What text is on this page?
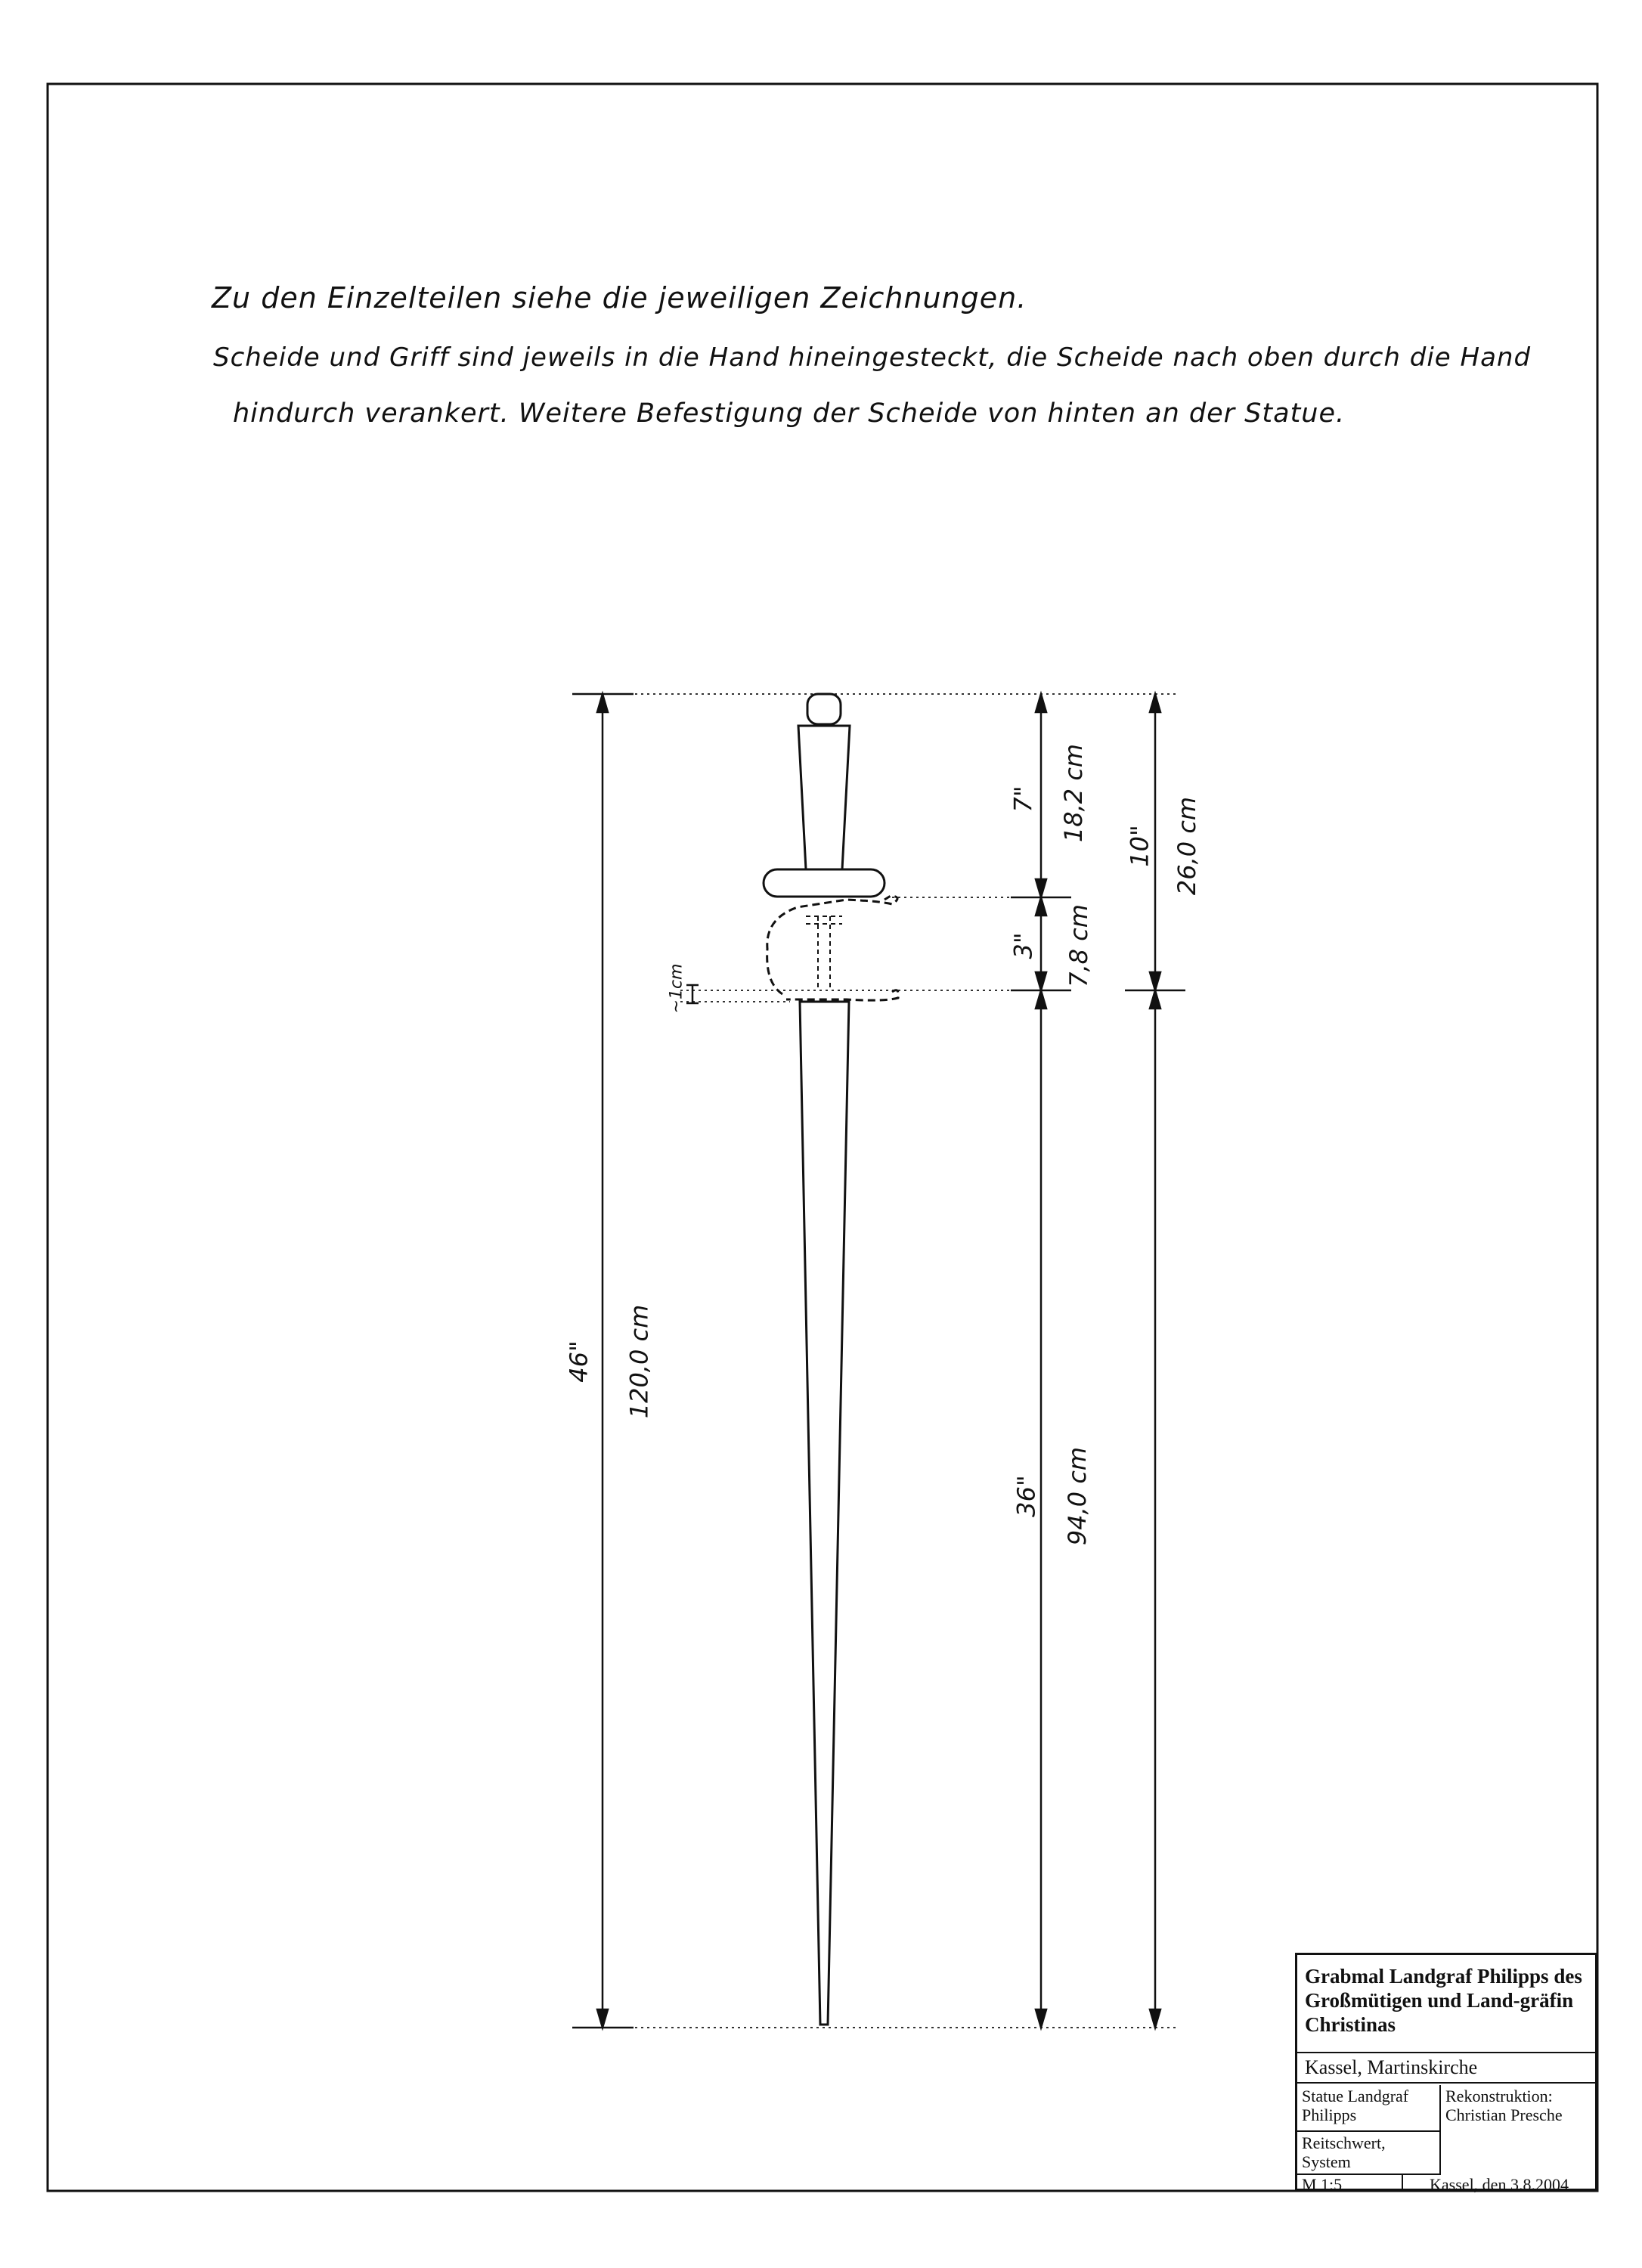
Zu den Einzelteilen siehe die jeweiligen Zeichnungen.
Scheide und Griff sind jeweils in die Hand hineingesteckt, die Scheide nach oben durch die Hand
hindurch verankert. Weitere Befestigung der Scheide von hinten an der Statue.
46" 120,0 cm
7" 18,2 cm
3" 7,8 cm
10" 26,0 cm
36" 94,0 cm
~1cm
Grabmal Landgraf Philipps des Großmütigen und Land-gräfin Christinas
Kassel, Martinskirche
Statue Landgraf Philipps
Reitschwert, System
Rekonstruktion:
Christian Presche
M 1:5	Kassel, den 3.8.2004
